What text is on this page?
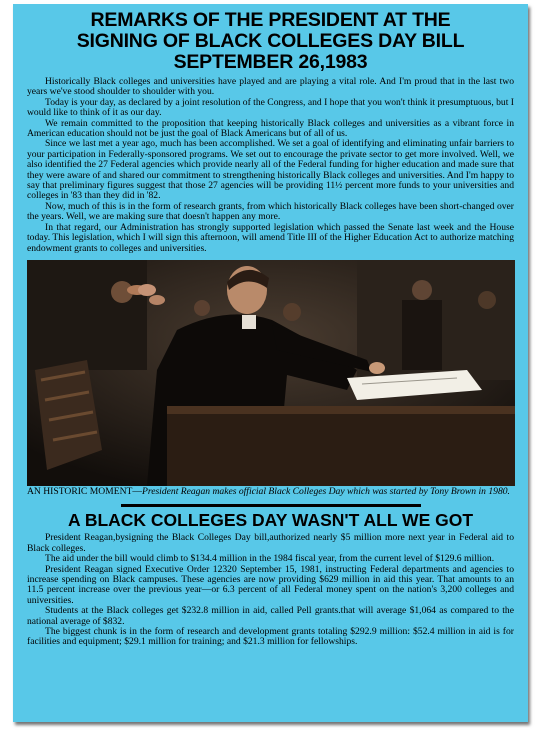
REMARKS OF THE PRESIDENT AT THE
SIGNING OF BLACK COLLEGES DAY BILL
SEPTEMBER 26,1983

Historically Black colleges and universities have played and are playing a vital role. And I'm proud that in the last two years we've stood shoulder to shoulder with you.

Today is your day, as declared by a joint resolution of the Congress, and I hope that you won't think it presumptuous, but I would like to think of it as our day.

We remain committed to the proposition that keeping historically Black colleges and universities as a vibrant force in American education should not be just the goal of Black Americans but of all of us.

Since we last met a year ago, much has been accomplished. We set a goal of identifying and eliminating unfair barriers to your participation in Federally-sponsored programs. We set out to encourage the private sector to get more involved. Well, we also identified the 27 Federal agencies which provide nearly all of the Federal funding for higher education and made sure that they were aware of and shared our commitment to strengthening historically Black colleges and universities. And I'm happy to say that preliminary figures suggest that those 27 agencies will be providing 11½ percent more funds to your universities and colleges in '83 than they did in '82.

Now, much of this is in the form of research grants, from which historically Black colleges have been short-changed over the years. Well, we are making sure that doesn't happen any more.

In that regard, our Administration has strongly supported legislation which passed the Senate last week and the House today. This legislation, which I will sign this afternoon, will amend Title III of the Higher Education Act to authorize matching endowment grants to colleges and universities.

AN HISTORIC MOMENT—President Reagan makes official Black Colleges Day which was started by Tony Brown in 1980.
A BLACK COLLEGES DAY WASN'T ALL WE GOT

President Reagan,bysigning the Black Colleges Day bill,authorized nearly $5 million more next year in Federal aid to Black colleges.

The aid under the bill would climb to $134.4 million in the 1984 fiscal year, from the current level of $129.6 million.

President Reagan signed Executive Order 12320 September 15, 1981, instructing Federal departments and agencies to increase spending on Black campuses. These agencies are now providing $629 million in aid this year. That amounts to an 11.5 percent increase over the previous year—or 6.3 percent of all Federal money spent on the nation's 3,200 colleges and universities.

Students at the Black colleges get $232.8 million in aid, called Pell grants.that will average $1,064 as compared to the national average of $832.

The biggest chunk is in the form of research and development grants totaling $292.9 million: $52.4 million in aid is for facilities and equipment; $29.1 million for training; and $21.3 million for fellowships.
